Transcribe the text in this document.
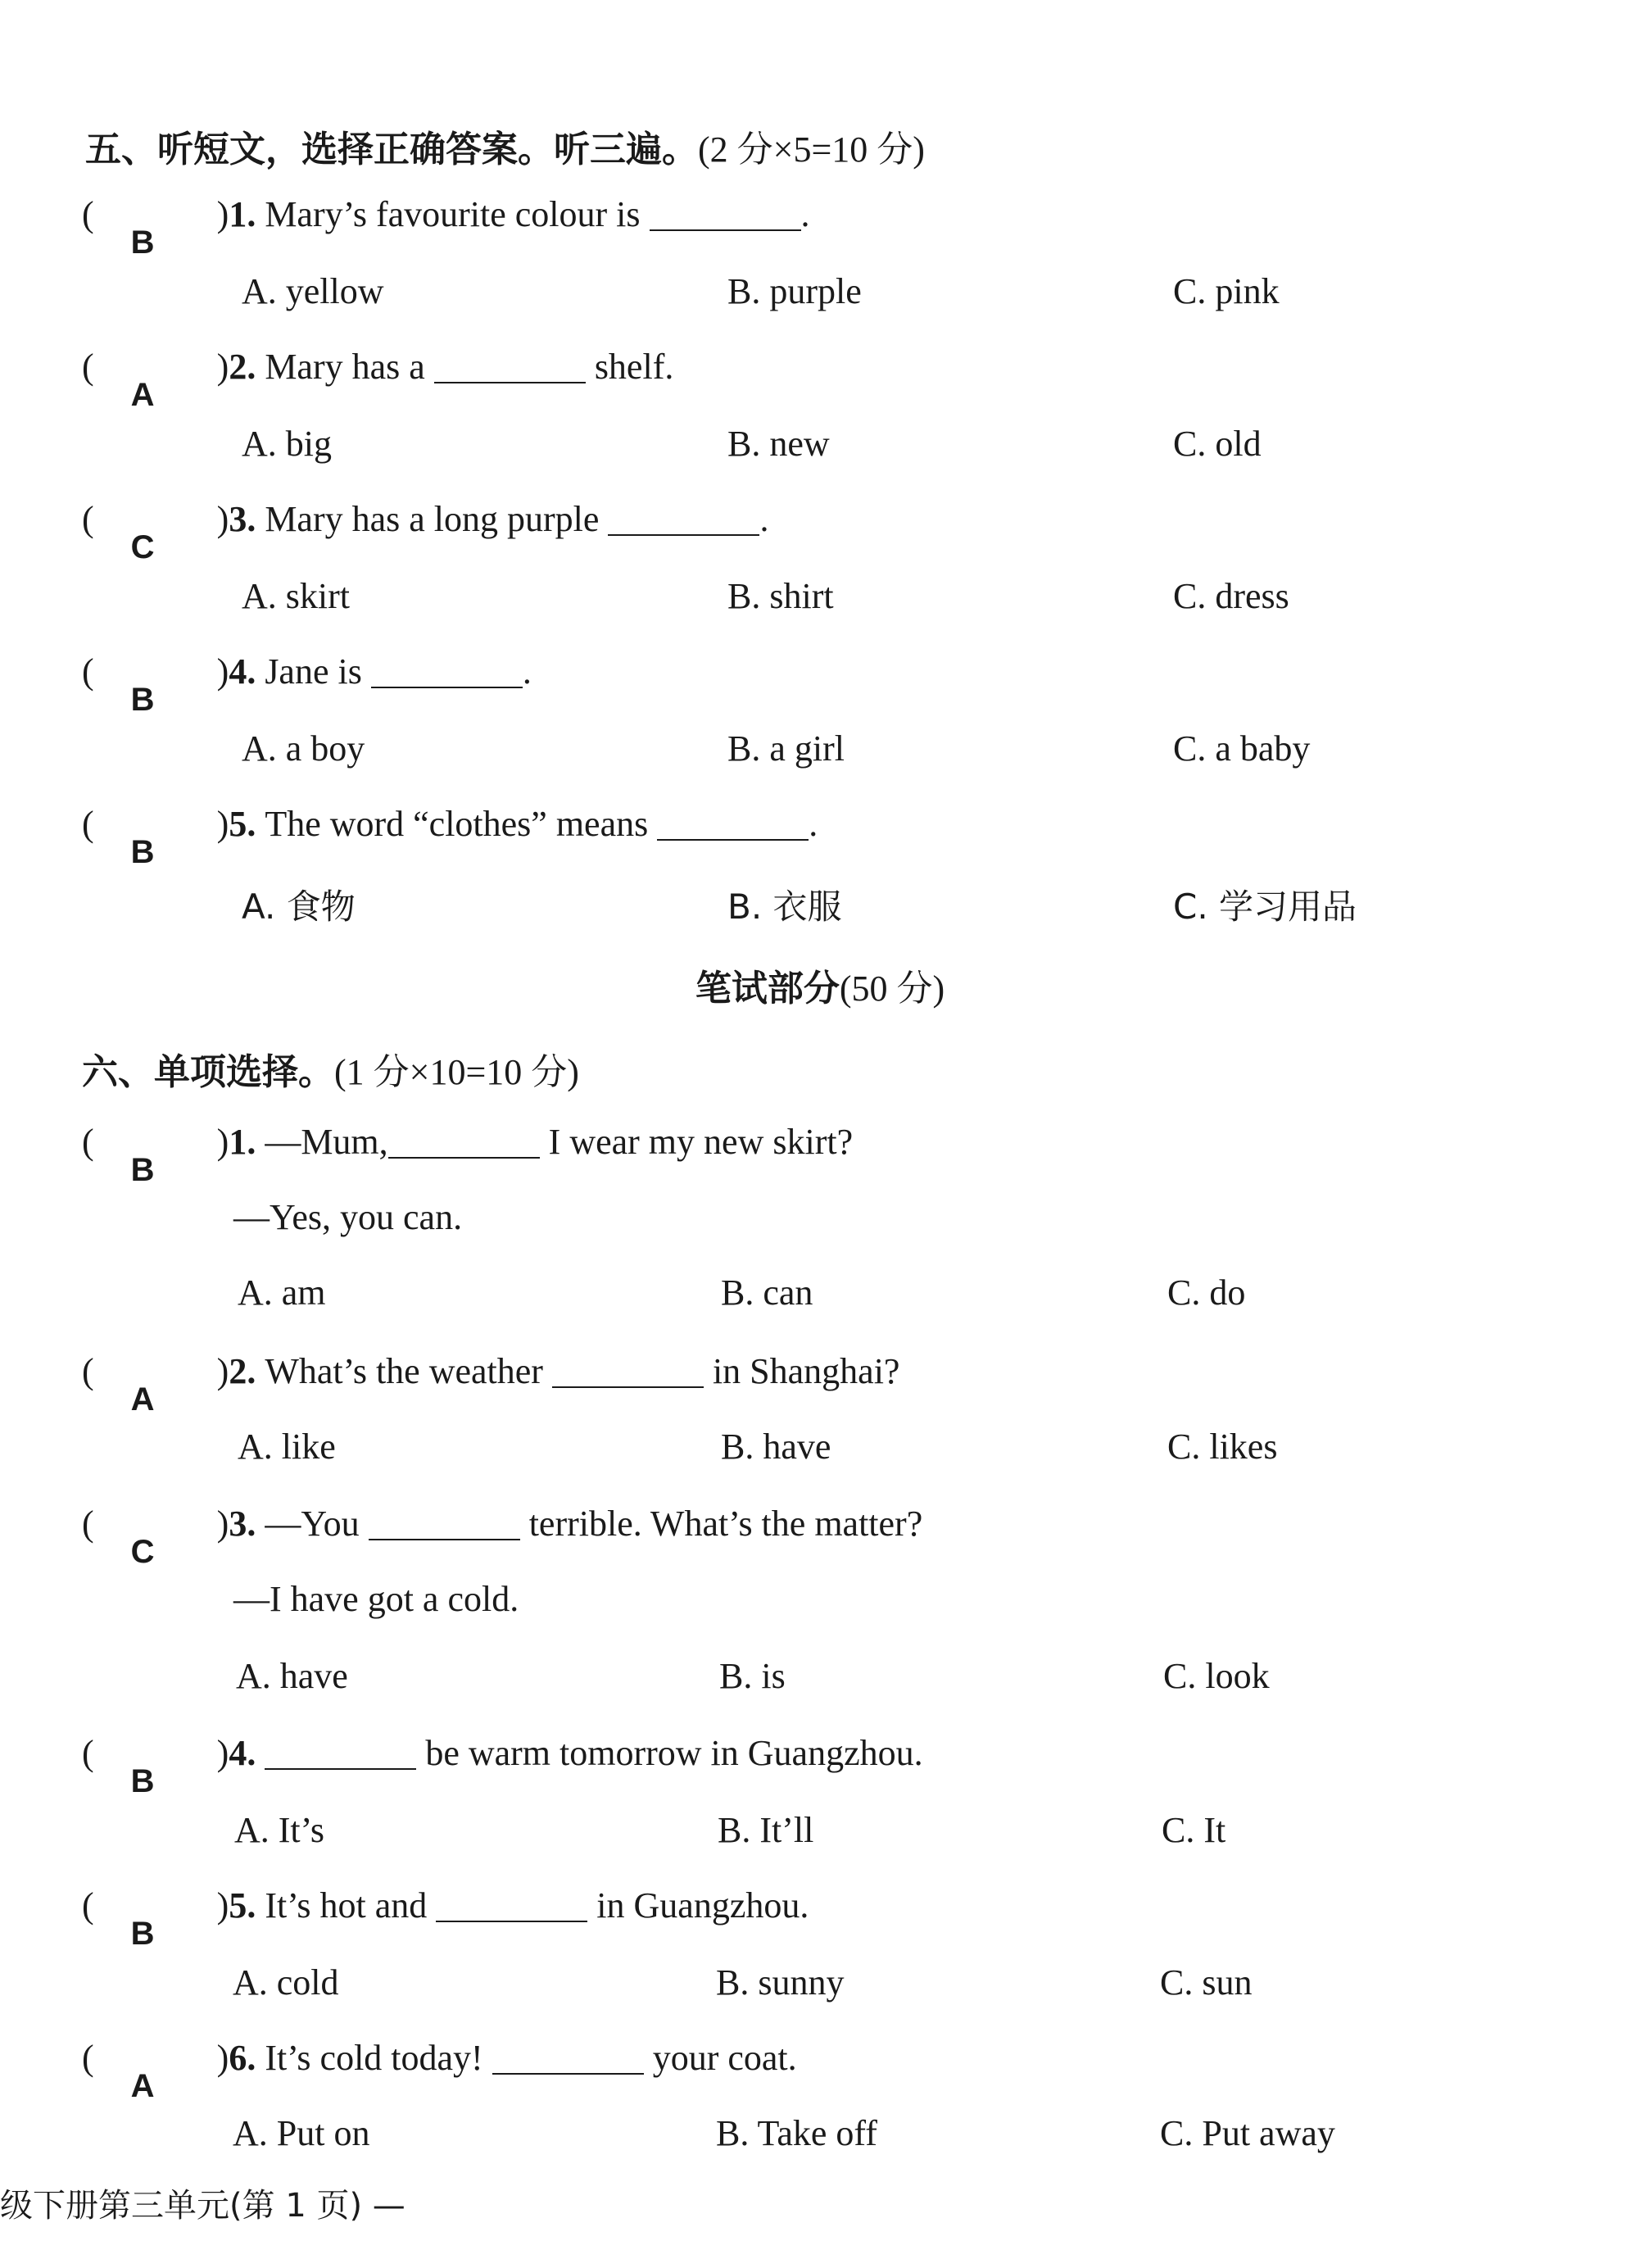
五、听短文，选择正确答案。听三遍。(2 分×5=10 分)
(
B
)1. Mary’s favourite colour is	.
A. yellow	B. purple	C. pink
(
A
)2. Mary has a	shelf.
A. big	B. new	C. old
(
C
)3. Mary has a long purple	.
A. skirt	B. shirt	C. dress
(
B
)4. Jane is	.
A. a boy	B. a girl	C. a baby
(
B
)5. The word “clothes” means	.
A. 食物	B. 衣服	C. 学习用品
笔试部分(50 分)
六、单项选择。(1 分×10=10 分)
(
B
)1. —Mum,	I wear my new skirt?
—Yes, you can.
A. am	B. can	C. do
(
A
)2. What’s the weather	in Shanghai?
A. like	B. have	C. likes
(
C
)3. —You	terrible. What’s the matter?
—I have got a cold.
A. have	B. is	C. look
(
B
)4.	be warm tomorrow in Guangzhou.
A. It’s	B. It’ll	C. It
(
B
)5. It’s hot and	in Guangzhou.
A. cold	B. sunny	C. sun
(
A
)6. It’s cold today!	your coat.
A. Put on	B. Take off	C. Put away
级下册第三单元(第 1 页) —
